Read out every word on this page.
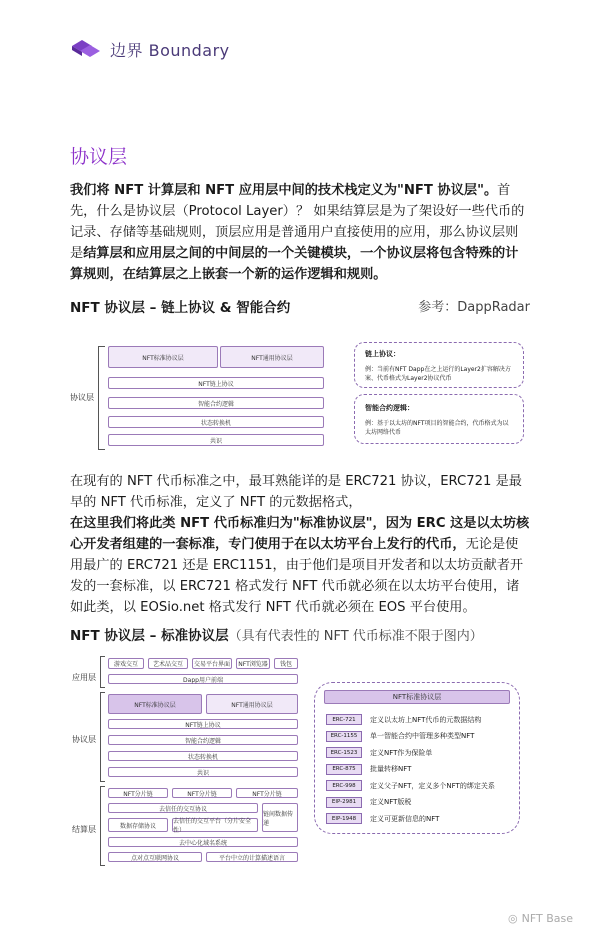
边界 Boundary
协议层
我们将 NFT 计算层和 NFT 应用层中间的技术栈定义为"NFT 协议层"。首先，什么是协议层（Protocol Layer）？ 如果结算层是为了架设好一些代币的记录、存储等基础规则，顶层应用是普通用户直接使用的应用，那么协议层则是结算层和应用层之间的中间层的一个关键模块，一个协议层将包含特殊的计算规则，在结算层之上嵌套一个新的运作逻辑和规则。
NFT 协议层 – 链上协议 & 智能合约	参考：DappRadar
协议层
NFT标准协议层	NFT通用协议层
NFT链上协议
智能合约逻辑
状态转换机
共识
链上协议：
例：当前有NFT Dapp在之上运行的Layer2扩容解决方案、代币格式为Layer2协议代币
智能合约逻辑：
例：基于以太坊的NFT项目的智能合约，代币格式为以太坊网络代币
在现有的 NFT 代币标准之中，最耳熟能详的是 ERC721 协议，ERC721 是最早的 NFT 代币标准，定义了 NFT 的元数据格式，
在这里我们将此类 NFT 代币标准归为"标准协议层"，因为 ERC 这是以太坊核心开发者组建的一套标准，专门使用于在以太坊平台上发行的代币，无论是使用最广的 ERC721 还是 ERC1151，由于他们是项目开发者和以太坊贡献者开发的一套标准，以 ERC721 格式发行 NFT 代币就必须在以太坊平台使用，诸如此类，以 EOSio.net 格式发行 NFT 代币就必须在 EOS 平台使用。
NFT 协议层 – 标准协议层（具有代表性的 NFT 代币标准不限于图内）
应用层
协议层
结算层
游戏交互	艺术品交互	交易平台界面	NFT浏览器	钱包
Dapp用户前端
NFT标准协议层	NFT通用协议层
NFT链上协议
智能合约逻辑
状态转换机
共识
NFT分片链	NFT分片链	NFT分片链
去信任的交互协议
数据存储协议
去信任的交互平台（分片安全性）
链间数据传递
去中心化域名系统
点对点互联网协议	平台中立的计算描述语言
NFT标准协议层
ERC-721	定义以太坊上NFT代币的元数据结构
ERC-1155	单一智能合约中管理多种类型NFT
ERC-1523	定义NFT作为保险单
ERC-875	批量转移NFT
ERC-998	定义父子NFT，定义多个NFT的绑定关系
EIP-2981	定义NFT版税
EIP-1948	定义可更新信息的NFT
◎ NFT Base
